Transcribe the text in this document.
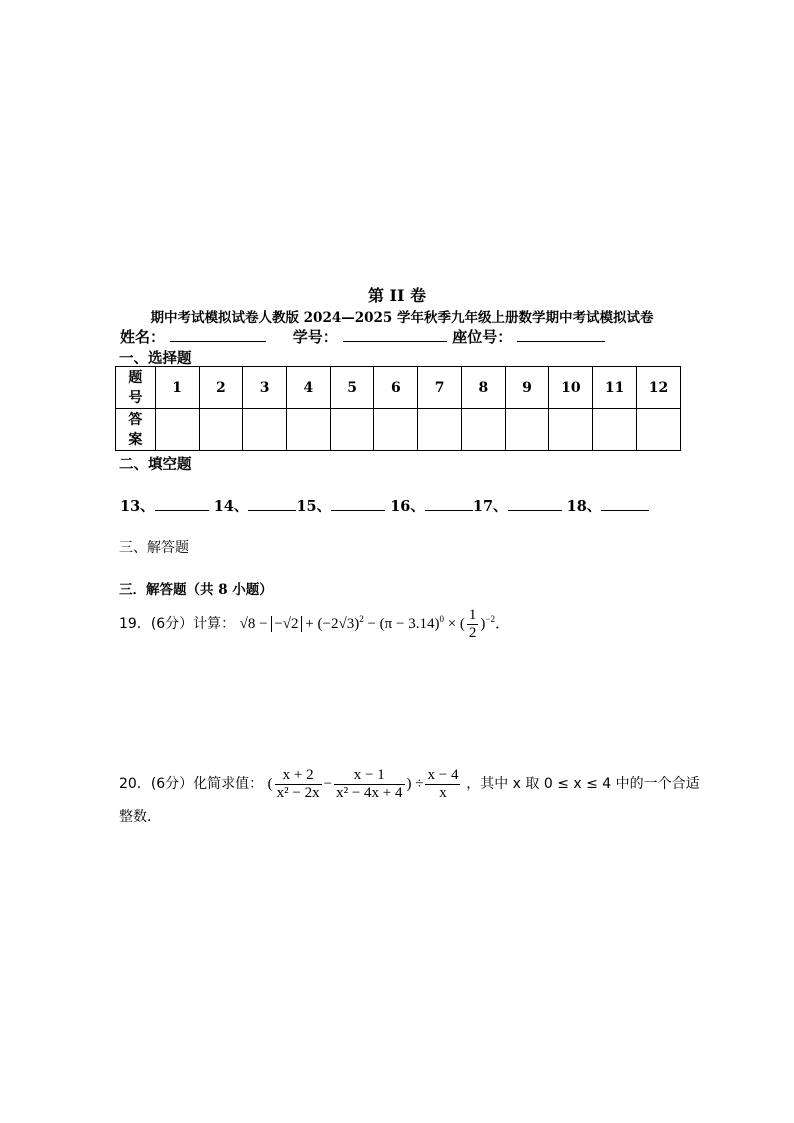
第 II 卷
期中考试模拟试卷人教版 2024—2025 学年秋季九年级上册数学期中考试模拟试卷
姓名：	学号：	座位号：
一、选择题
题号	1	2	3	4	5	6	7	8	9	10	11	12
答案												
二、填空题
13、	14、	15、	16、	17、	18、
三、解答题
三．解答题（共 8 小题）
19．(6分）计算： $√8 - -√2 + (-2√3)^2 - (\pi - 3.14)^0$ × ( $\frac{1}{2} )^{-2}$．
20．(6分）化简求值： ( $\frac{x + 2}{\text{x² − 2x}} - \frac{x - 1}{\text{x² − 4x + 4}}$ ) ÷ $\frac{x - 4}{x}$ ，其中 x 取 0 ≤ x ≤ 4 中的一个合适
整数．
